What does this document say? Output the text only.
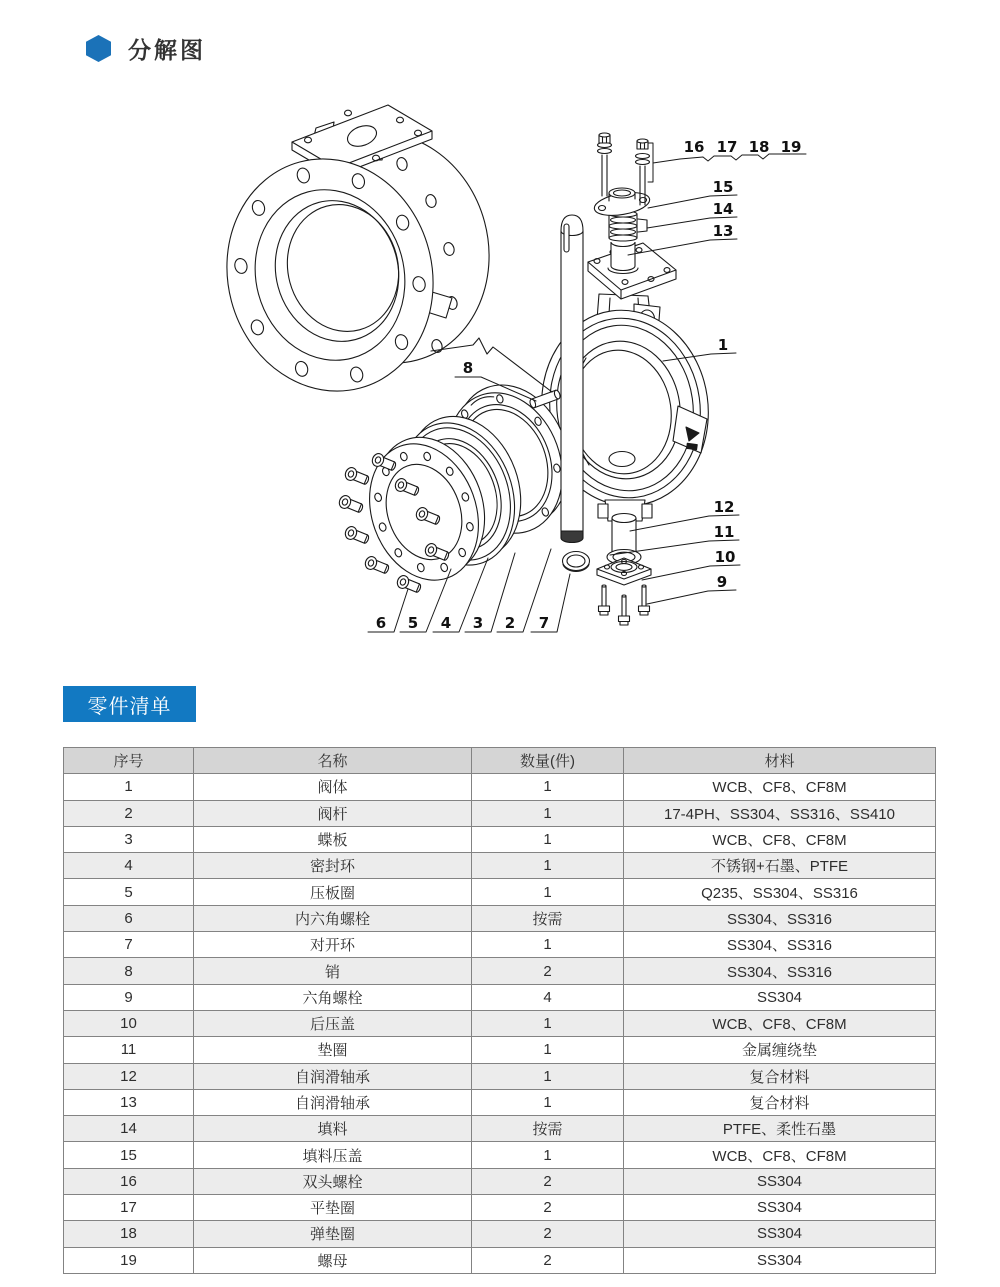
分解图
16 17 18 19
15
14
13
1
12
11
10
9
8
6 5 4 3 2 7
零件清单
序号	名称	数量(件)	材料
1	阀体	1	WCB、CF8、CF8M
2	阀杆	1	17-4PH、SS304、SS316、SS410
3	蝶板	1	WCB、CF8、CF8M
4	密封环	1	不锈钢+石墨、PTFE
5	压板圈	1	Q235、SS304、SS316
6	内六角螺栓	按需	SS304、SS316
7	对开环	1	SS304、SS316
8	销	2	SS304、SS316
9	六角螺栓	4	SS304
10	后压盖	1	WCB、CF8、CF8M
11	垫圈	1	金属缠绕垫
12	自润滑轴承	1	复合材料
13	自润滑轴承	1	复合材料
14	填料	按需	PTFE、柔性石墨
15	填料压盖	1	WCB、CF8、CF8M
16	双头螺栓	2	SS304
17	平垫圈	2	SS304
18	弹垫圈	2	SS304
19	螺母	2	SS304
